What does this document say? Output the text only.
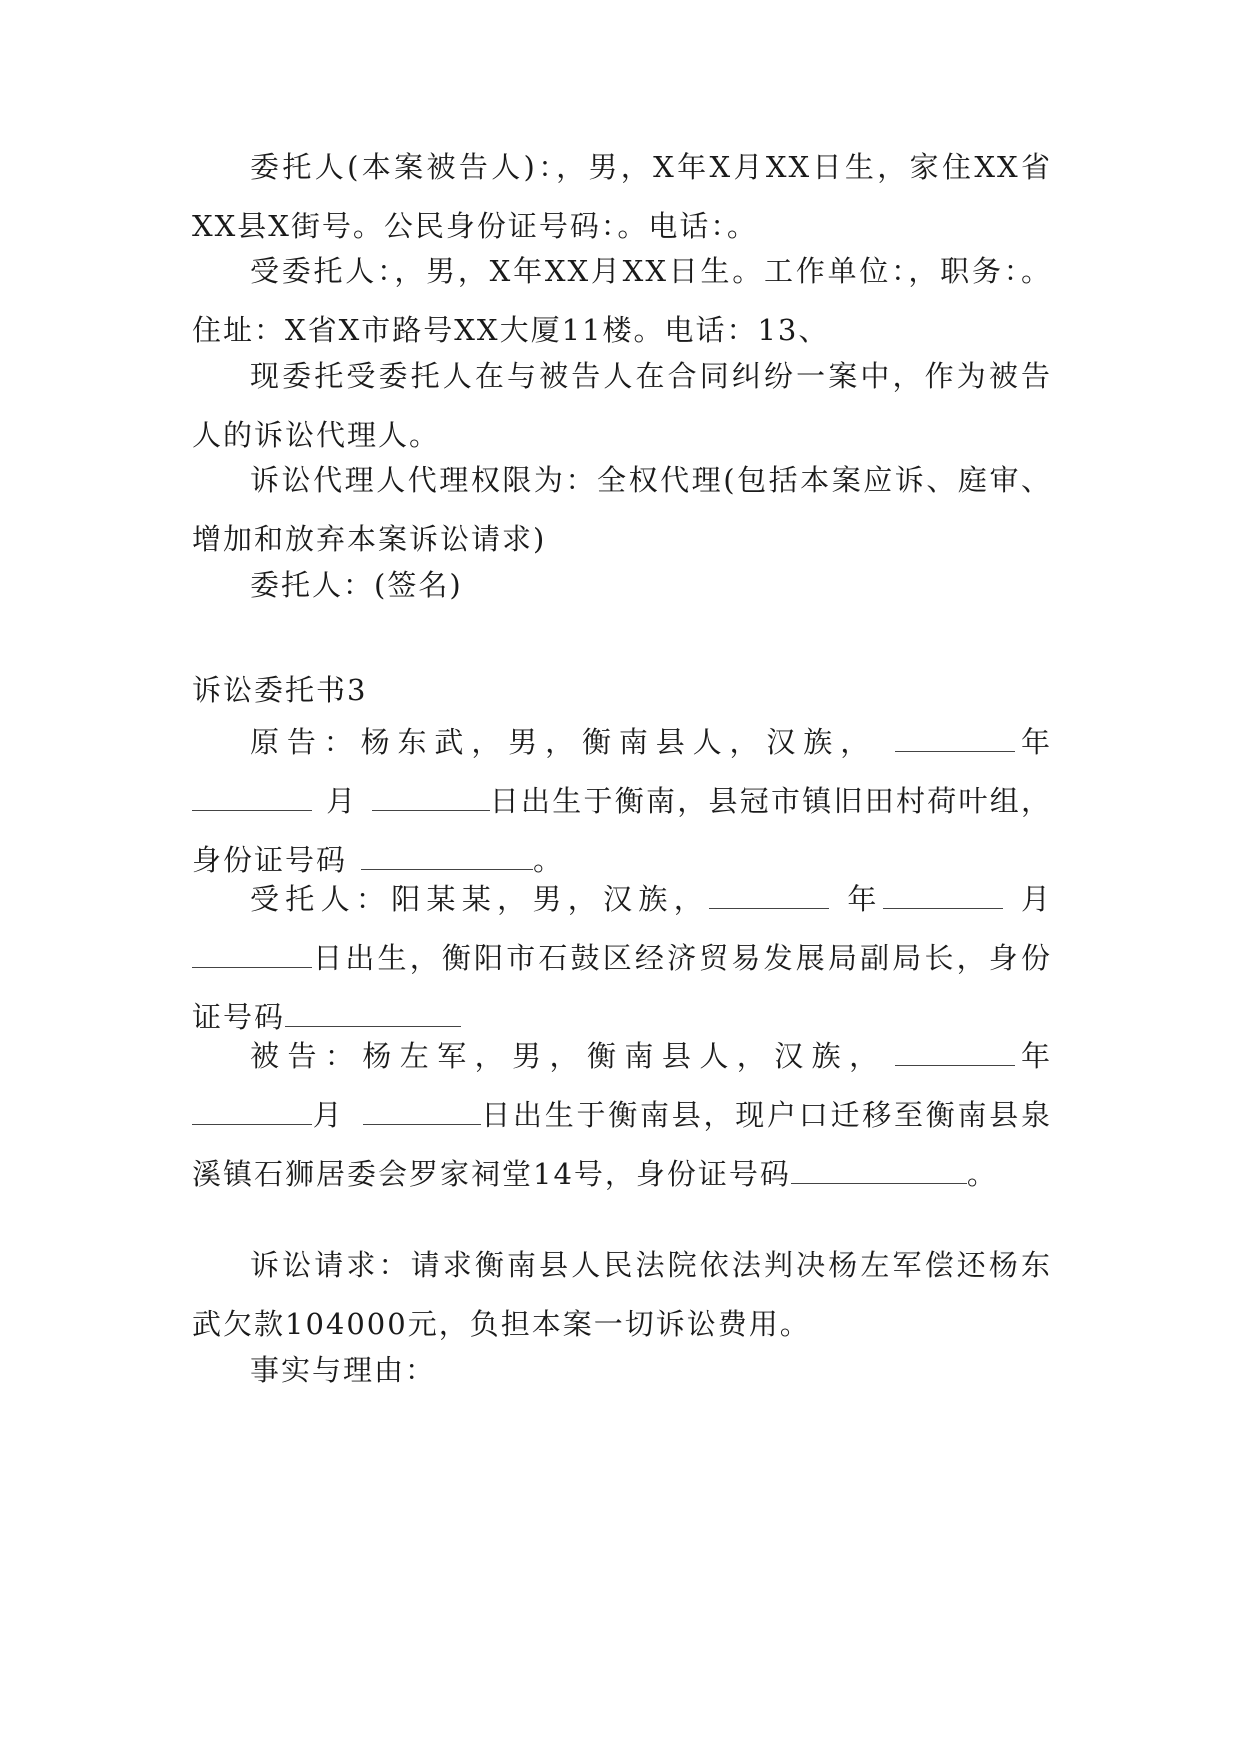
委托人(本案被告人)：，男，X年X月XX日生，家住XX省XX县X街号。公民身份证号码：。电话：。

受委托人：，男，X年XX月XX日生。工作单位：，职务：。住址：X省X市路号XX大厦11楼。电话：13、

现委托受委托人在与被告人在合同纠纷一案中，作为被告人的诉讼代理人。

诉讼代理人代理权限为：全权代理(包括本案应诉、庭审、增加和放弃本案诉讼请求)

委托人：(签名)

诉讼委托书3

原告：杨东武，男，衡南县人，汉族，	年月	日出生于衡南，县冠市镇旧田村荷叶组，身份证号码	。

受托人：阳某某，男，汉族，	年	月日出生，衡阳市石鼓区经济贸易发展局副局长，身份证号码

被告：杨左军，男，衡南县人，汉族，	年月	日出生于衡南县，现户口迁移至衡南县泉溪镇石狮居委会罗家祠堂14号，身份证号码	。

诉讼请求：请求衡南县人民法院依法判决杨左军偿还杨东武欠款104000元，负担本案一切诉讼费用。

事实与理由：
